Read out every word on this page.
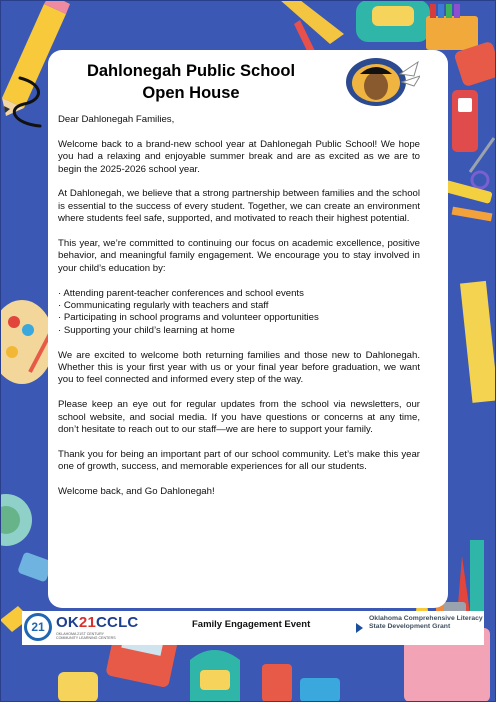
Dahlonegah Public School
Open House

Dear Dahlonegah Families,

Welcome back to a brand-new school year at Dahlonegah Public School! We hope you had a relaxing and enjoyable summer break and are as excited as we are to begin the 2025-2026 school year.

At Dahlonegah, we believe that a strong partnership between families and the school is essential to the success of every student. Together, we can create an environment where students feel safe, supported, and motivated to reach their highest potential.

This year, we’re committed to continuing our focus on academic excellence, positive behavior, and meaningful family engagement. We encourage you to stay involved in your child’s education by:

· Attending parent-teacher conferences and school events
· Communicating regularly with teachers and staff
· Participating in school programs and volunteer opportunities
· Supporting your child’s learning at home

We are excited to welcome both returning families and those new to Dahlonegah. Whether this is your first year with us or your final year before graduation, we want you to feel connected and informed every step of the way.

Please keep an eye out for regular updates from the school via newsletters, our school website, and social media. If you have questions or concerns at any time, don’t hesitate to reach out to our staff—we are here to support your family.

Thank you for being an important part of our school community. Let’s make this year one of growth, success, and memorable experiences for all our students.

Welcome back, and Go Dahlonegah!

21 OK21CCLC
OKLAHOMA 21ST CENTURY COMMUNITY LEARNING CENTERS
Family Engagement Event
Oklahoma Comprehensive Literacy State Development Grant
